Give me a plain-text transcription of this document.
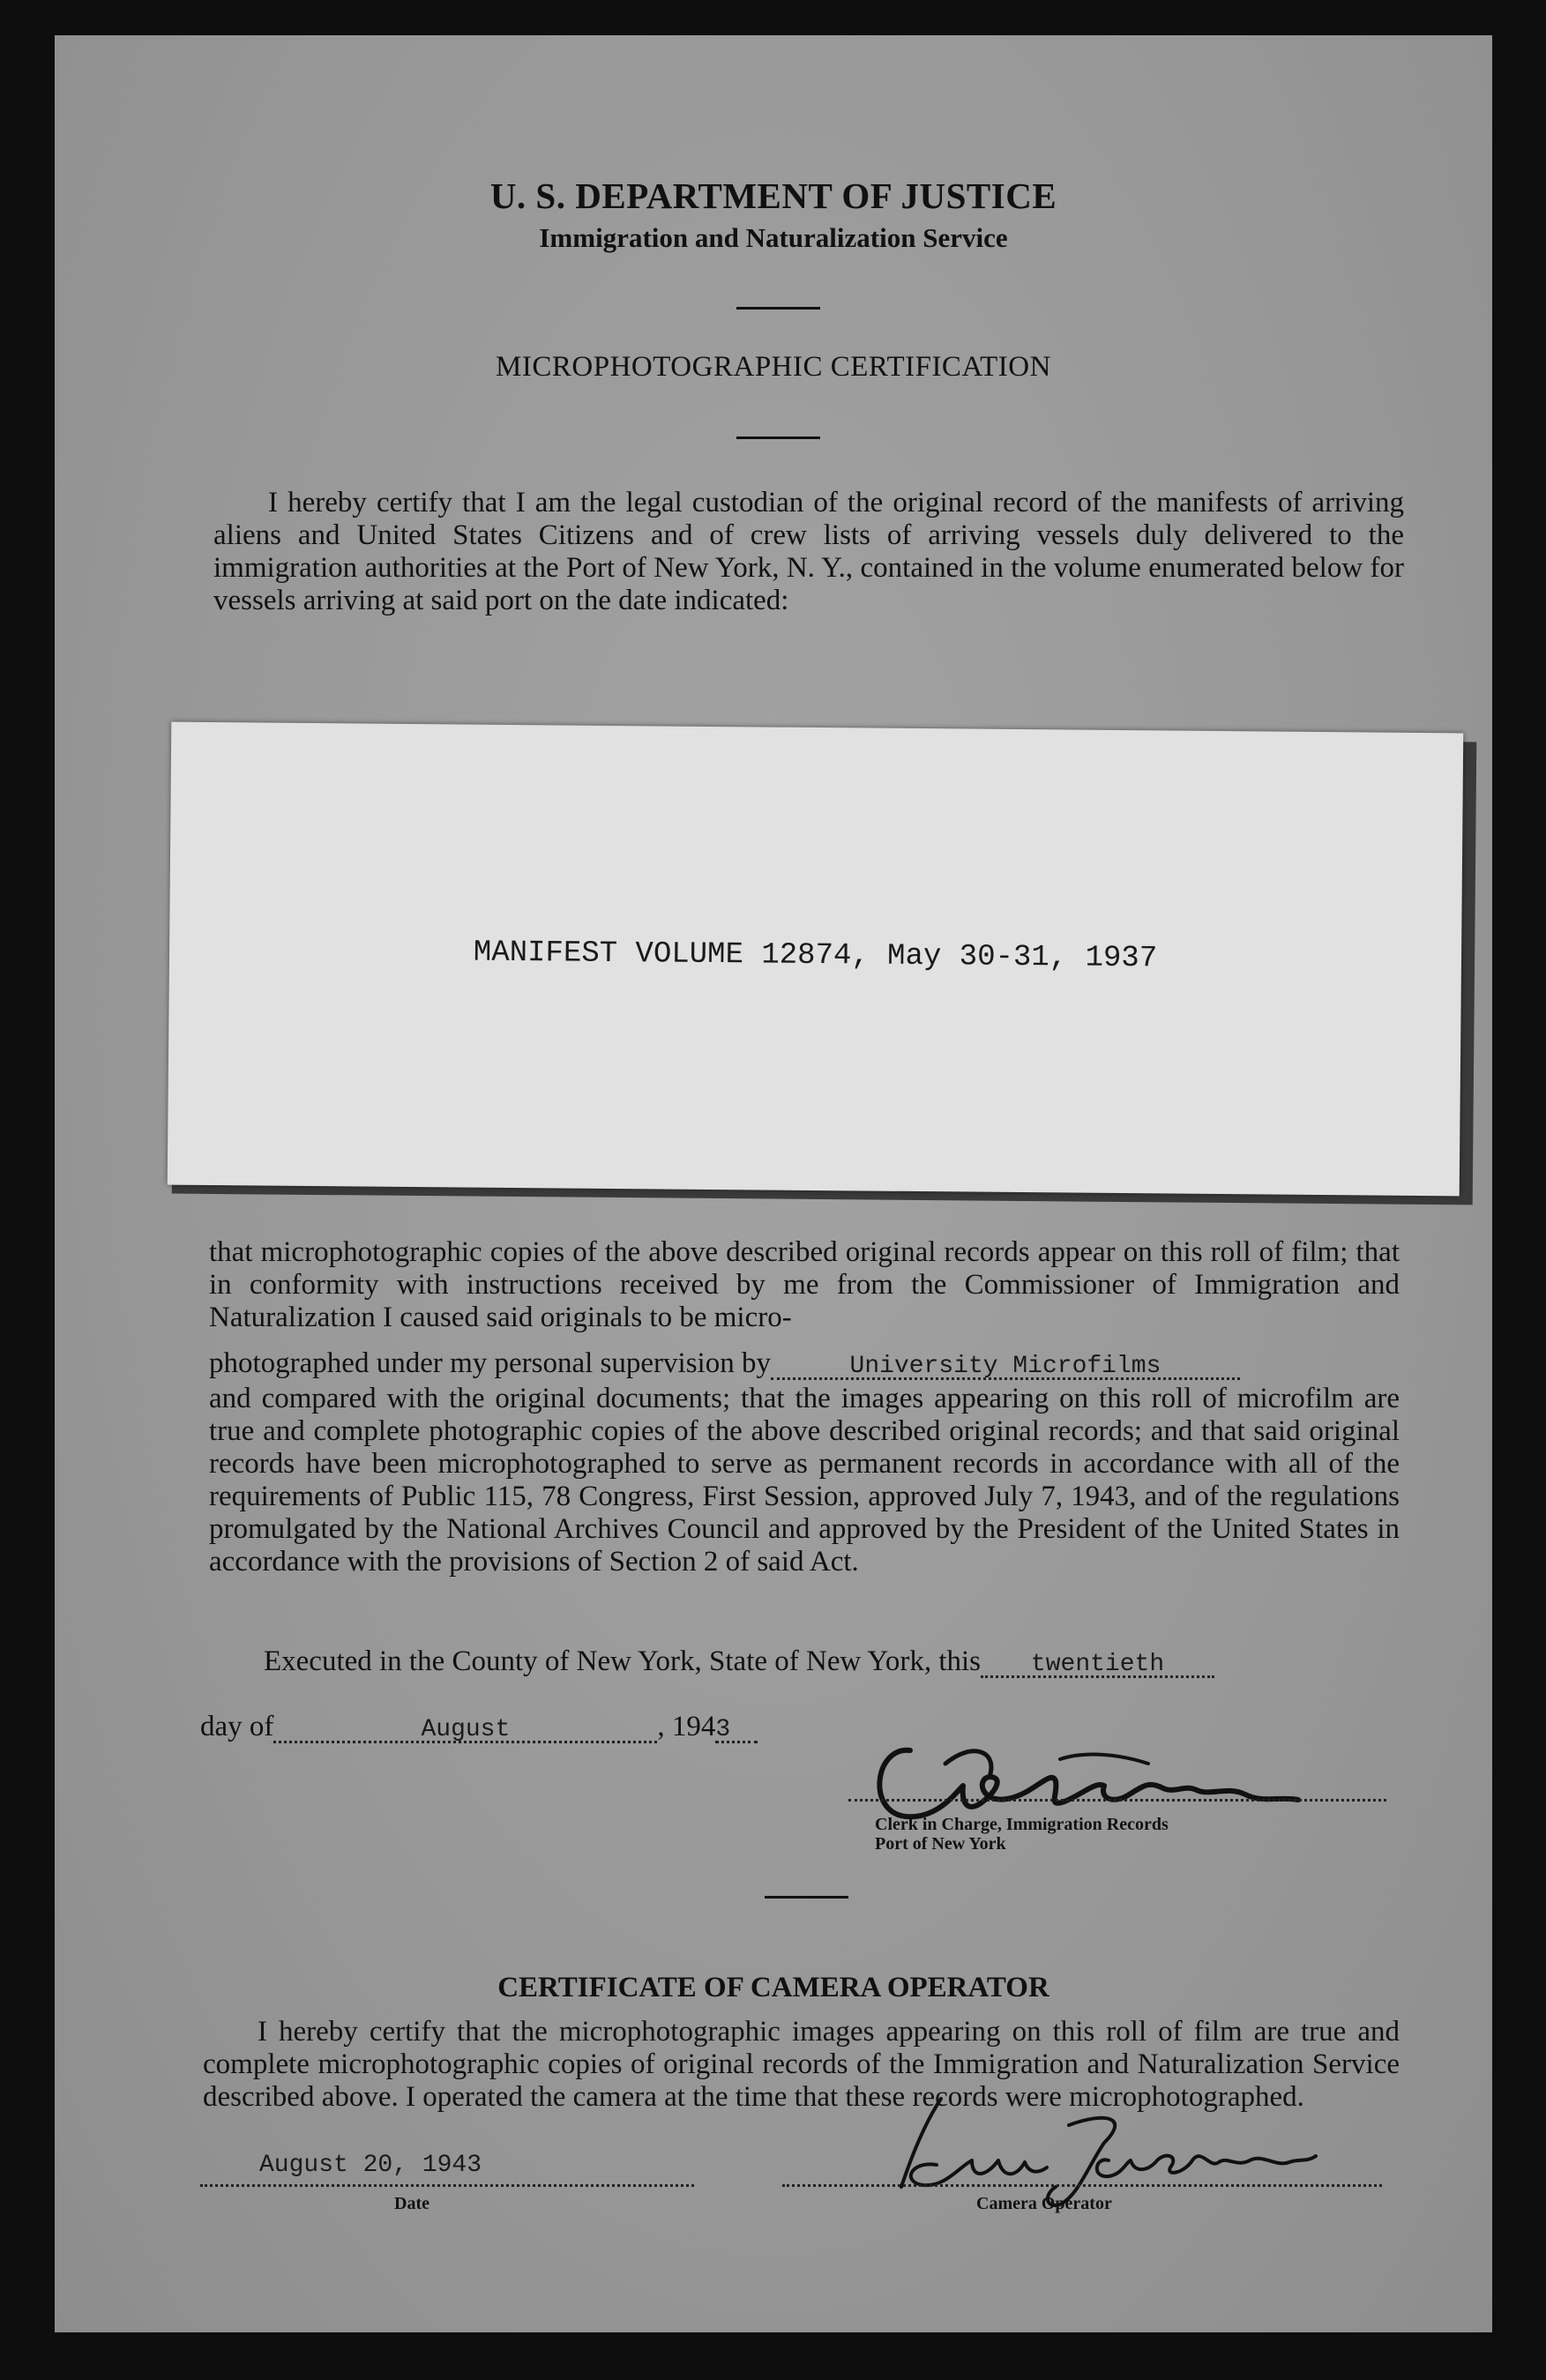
U. S. DEPARTMENT OF JUSTICE
Immigration and Naturalization Service
MICROPHOTOGRAPHIC CERTIFICATION
I hereby certify that I am the legal custodian of the original record of the manifests of arriving aliens and United States Citizens and of crew lists of arriving vessels duly delivered to the immigration authorities at the Port of New York, N. Y., contained in the volume enumerated below for vessels arriving at said port on the date indicated:
MANIFEST VOLUME 12874, May 30-31, 1937
that microphotographic copies of the above described original records appear on this roll of film; that in conformity with instructions received by me from the Commissioner of Immigration and Naturalization I caused said originals to be micro-
photographed under my personal supervision by	University Microfilms
and compared with the original documents; that the images appearing on this roll of microfilm are true and complete photographic copies of the above described original records; and that said original records have been microphotographed to serve as permanent records in accordance with all of the requirements of Public 115, 78 Congress, First Session, approved July 7, 1943, and of the regulations promulgated by the National Archives Council and approved by the President of the United States in accordance with the provisions of Section 2 of said Act.
Executed in the County of New York, State of New York, this twentieth
day of	August	, 1943
Clerk in Charge, Immigration Records
Port of New York
CERTIFICATE OF CAMERA OPERATOR
I hereby certify that the microphotographic images appearing on this roll of film are true and complete microphotographic copies of original records of the Immigration and Naturalization Service described above. I operated the camera at the time that these records were microphotographed.
August 20, 1943
Date	Camera Operator
